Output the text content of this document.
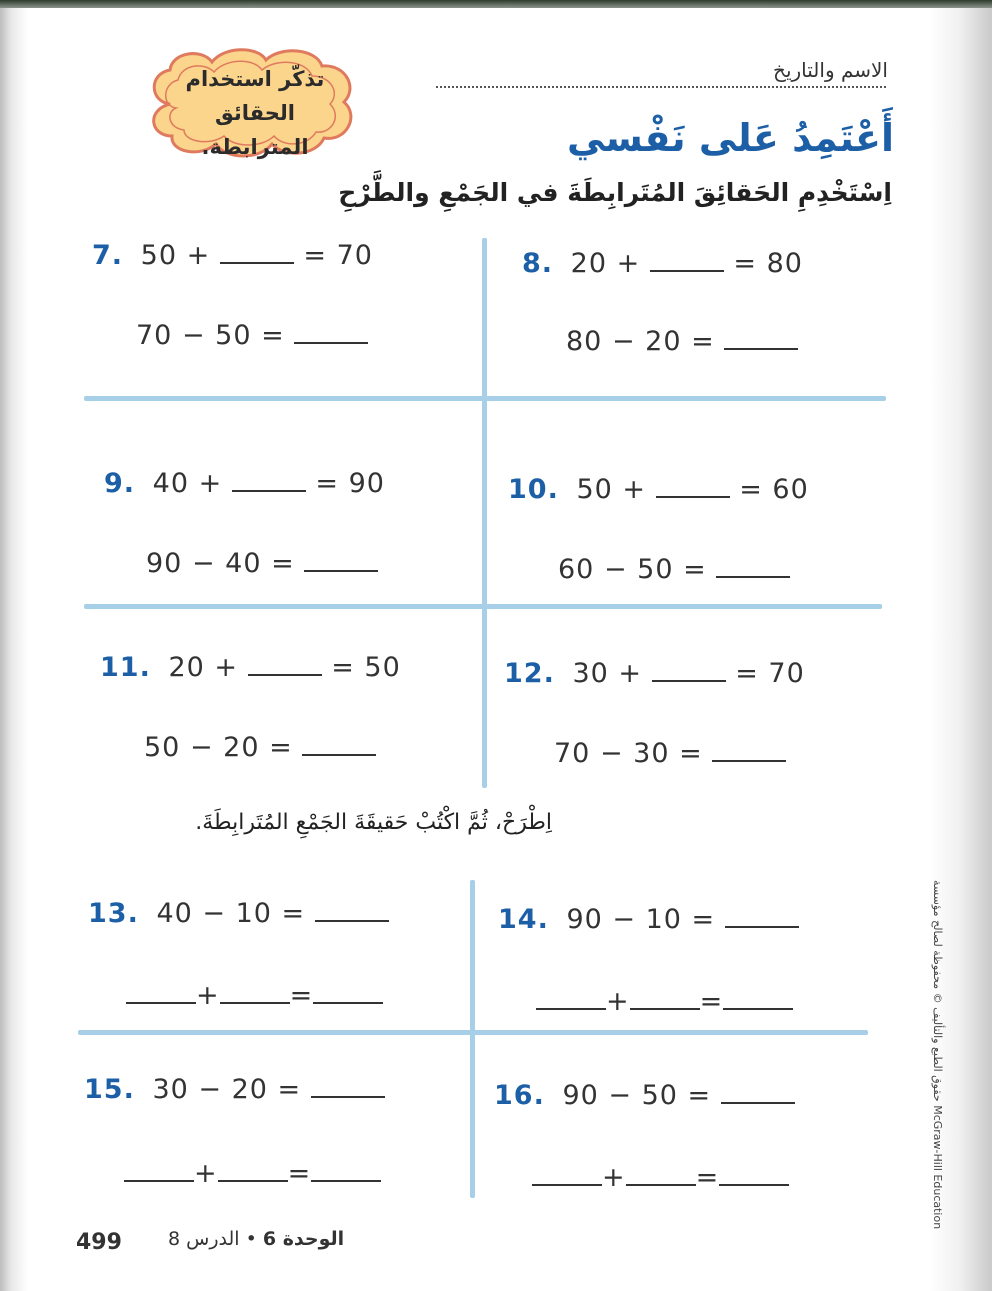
تذكّر استخدام الحقائق المترابطة.
الاسم والتاريخ
أَعْتَمِدُ عَلى نَفْسي
اِسْتَخْدِمِ الحَقائِقَ المُتَرابِطَةَ في الجَمْعِ والطَّرْحِ
7. 50 +	= 70
70 − 50 =
8. 20 +	= 80
80 − 20 =
9. 40 +	= 90
90 − 40 =
10. 50 +	= 60
60 − 50 =
11. 20 +	= 50
50 − 20 =
12. 30 +	= 70
70 − 30 =
اِطْرَحْ، ثُمَّ اكْتُبْ حَقيقَةَ الجَمْعِ المُتَرابِطَةَ.
13. 40 − 10 =
+	=
14. 90 − 10 =
+	=
15. 30 − 20 =
+	=
16. 90 − 50 =
+	=
حقوق الطبع والتأليف © محفوظة لصالح مؤسسة McGraw-Hill Education
499	الوحدة 6 • الدرس 8
